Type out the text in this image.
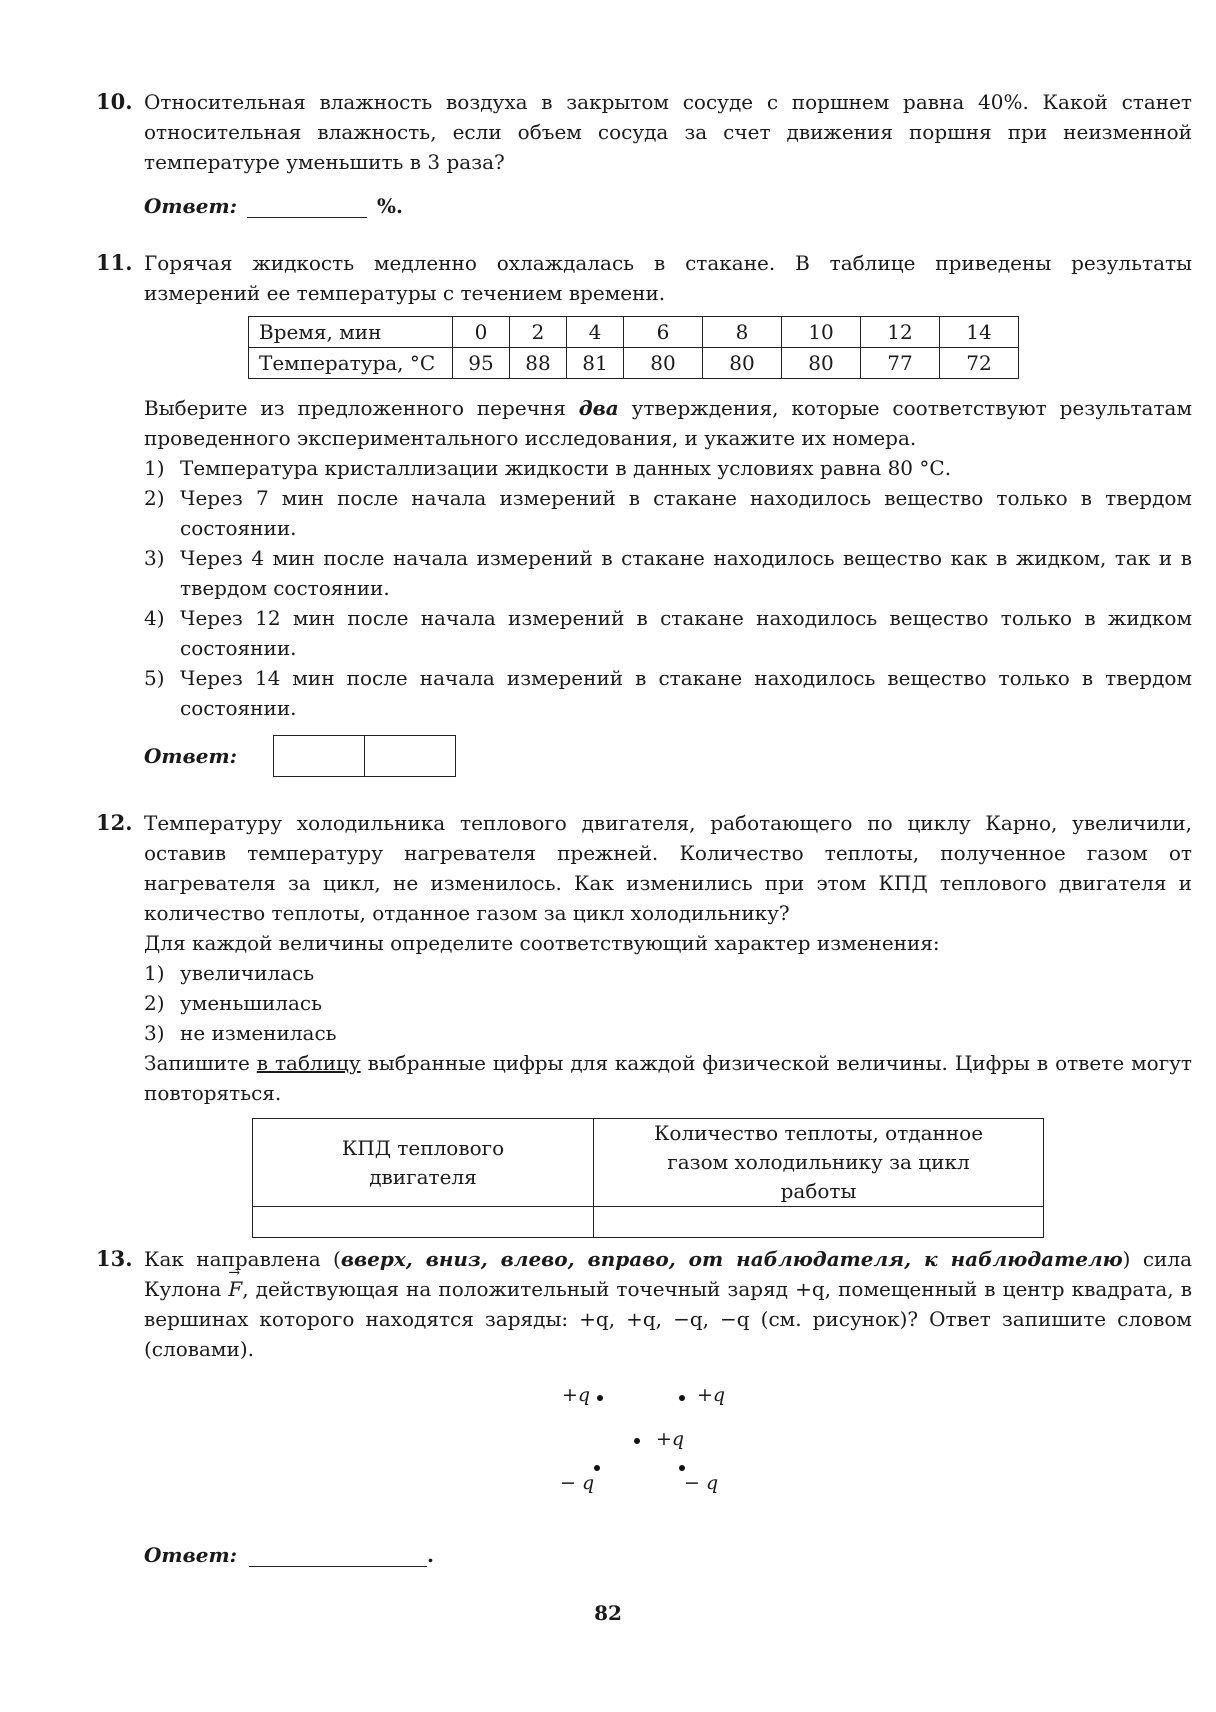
10. Относительная влажность воздуха в закрытом сосуде с поршнем равна 40%. Какой станет относительная влажность, если объем сосуда за счет движения поршня при неизменной температуре уменьшить в 3 раза?

Ответ:	%.
11. Горячая жидкость медленно охлаждалась в стакане. В таблице приведены результаты измерений ее температуры с течением времени.

Время, мин	0	2	4	6	8	10	12	14
Температура, °С	95	88	81	80	80	80	77	72

Выберите из предложенного перечня два утверждения, которые соответствуют результатам проведенного экспериментального исследования, и укажите их номера.

1) Температура кристаллизации жидкости в данных условиях равна 80 °С.
2) Через 7 мин после начала измерений в стакане находилось вещество только в твердом состоянии.
3) Через 4 мин после начала измерений в стакане находилось вещество как в жидком, так и в твердом состоянии.
4) Через 12 мин после начала измерений в стакане находилось вещество только в жидком состоянии.
5) Через 14 мин после начала измерений в стакане находилось вещество только в твердом состоянии.
Ответ:
12. Температуру холодильника теплового двигателя, работающего по циклу Карно, увеличили, оставив температуру нагревателя прежней. Количество теплоты, полученное газом от нагревателя за цикл, не изменилось. Как изменились при этом КПД теплового двигателя и количество теплоты, отданное газом за цикл холодильнику?

Для каждой величины определите соответствующий характер изменения:

1) увеличилась
2) уменьшилась
3) не изменилась

Запишите в таблицу выбранные цифры для каждой физической величины. Цифры в ответе могут повторяться.

КПД теплового двигателя	Количество теплоты, отданное газом холодильнику за цикл работы

13. Как направлена (вверх, вниз, влево, вправо, от наблюдателя, к наблюдателю) сила Кулона → F, действующая на положительный точечный заряд +q, помещенный в центр квадрата, в вершинах которого находятся заряды: +q, +q, −q, −q (см. рисунок)? Ответ запишите словом (словами).

+q	+q
+q
− q	− q
Ответ:	.
82
